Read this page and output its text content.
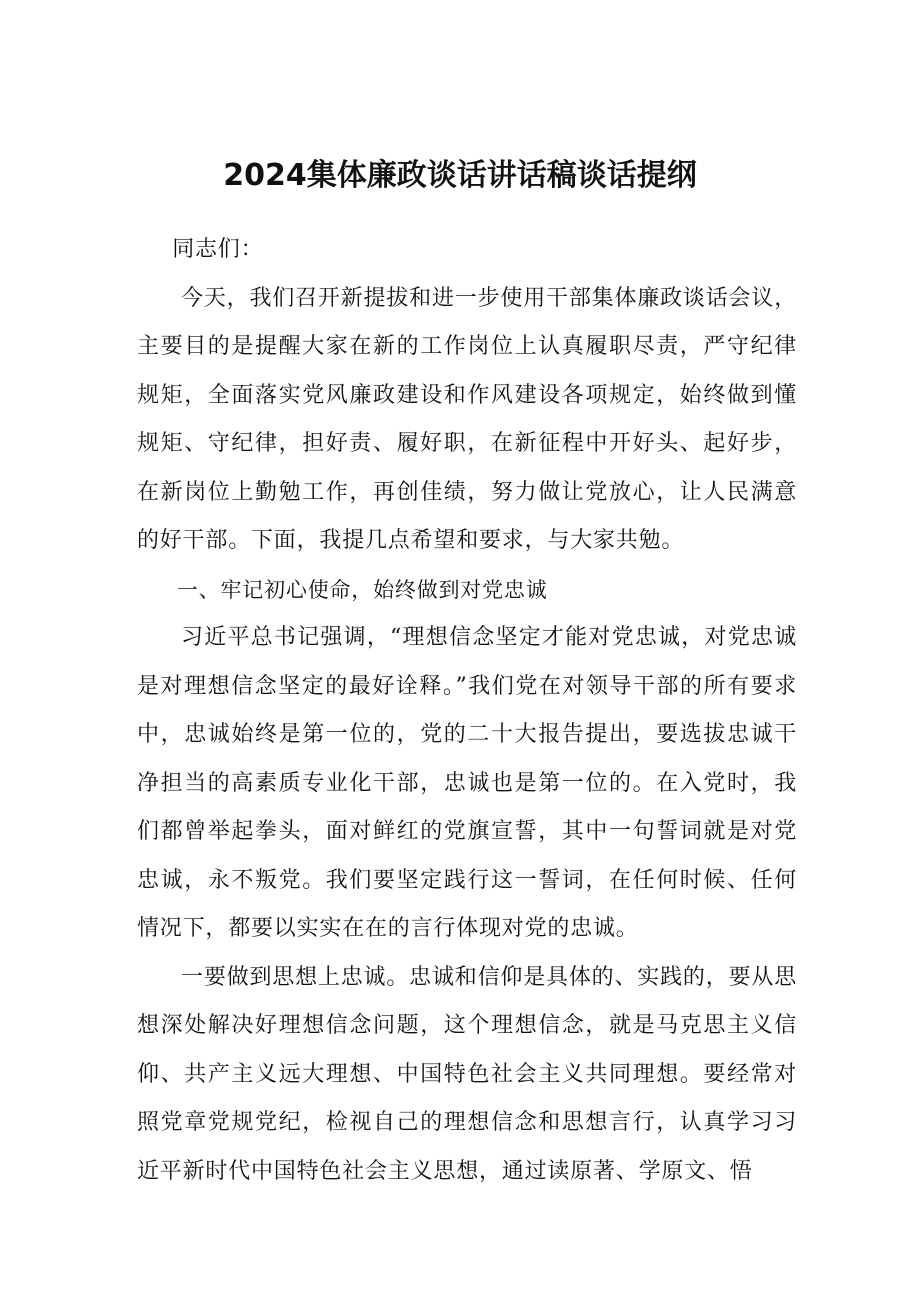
2024集体廉政谈话讲话稿谈话提纲

同志们：

今天，我们召开新提拔和进一步使用干部集体廉政谈话会议，主要目的是提醒大家在新的工作岗位上认真履职尽责，严守纪律规矩，全面落实党风廉政建设和作风建设各项规定，始终做到懂规矩、守纪律，担好责、履好职，在新征程中开好头、起好步，在新岗位上勤勉工作，再创佳绩，努力做让党放心，让人民满意的好干部。下面，我提几点希望和要求，与大家共勉。

一、牢记初心使命，始终做到对党忠诚

习近平总书记强调，“理想信念坚定才能对党忠诚，对党忠诚是对理想信念坚定的最好诠释。”我们党在对领导干部的所有要求中，忠诚始终是第一位的，党的二十大报告提出，要选拔忠诚干净担当的高素质专业化干部，忠诚也是第一位的。在入党时，我们都曾举起拳头，面对鲜红的党旗宣誓，其中一句誓词就是对党忠诚，永不叛党。我们要坚定践行这一誓词，在任何时候、任何情况下，都要以实实在在的言行体现对党的忠诚。

一要做到思想上忠诚。忠诚和信仰是具体的、实践的，要从思想深处解决好理想信念问题，这个理想信念，就是马克思主义信仰、共产主义远大理想、中国特色社会主义共同理想。要经常对照党章党规党纪，检视自己的理想信念和思想言行，认真学习习近平新时代中国特色社会主义思想，通过读原著、学原文、悟
